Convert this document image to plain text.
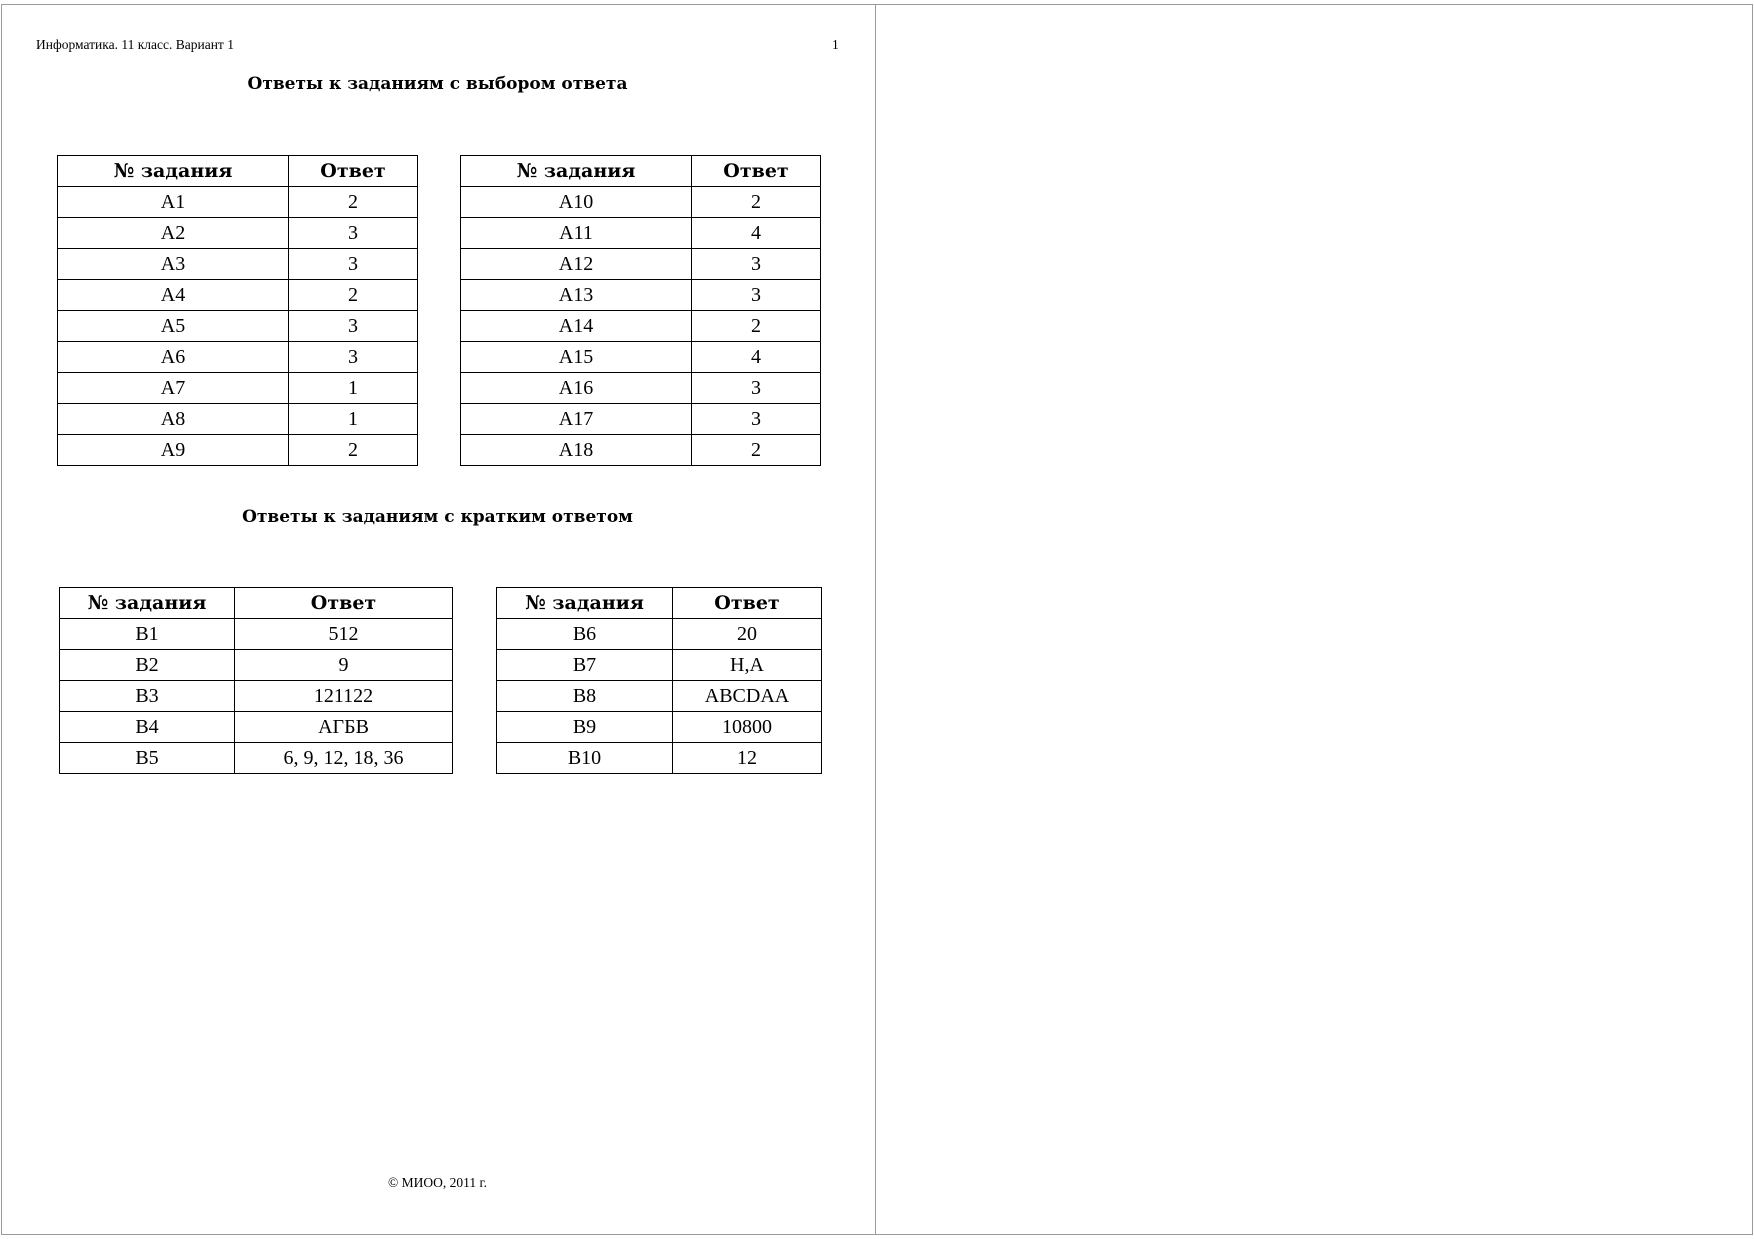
Информатика. 11 класс. Вариант 1	1
Ответы к заданиям с выбором ответа
№ задания	Ответ
A1	2
A2	3
A3	3
A4	2
A5	3
A6	3
A7	1
A8	1
A9	2
№ задания	Ответ
A10	2
A11	4
A12	3
A13	3
A14	2
A15	4
A16	3
A17	3
A18	2
Ответы к заданиям с кратким ответом
№ задания	Ответ
B1	512
B2	9
B3	121122
B4	АГБВ
B5	6, 9, 12, 18, 36
№ задания	Ответ
B6	20
B7	Н,А
B8	ABCDAA
B9	10800
B10	12
© МИОО, 2011 г.
